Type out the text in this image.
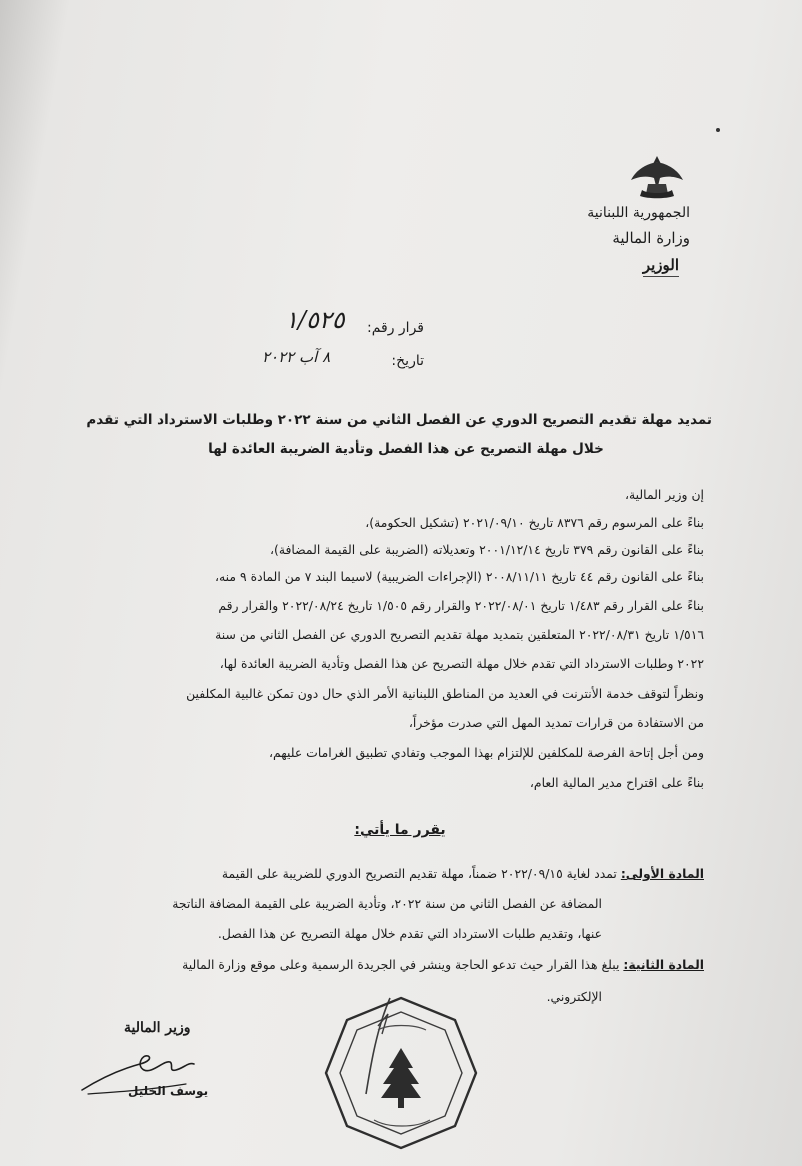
الجمهورية اللبنانية
وزارة المالية
الوزير
قرار رقم:
١/٥٢٥
تاريخ:
٨ آب ٢٠٢٢
تمديد مهلة تقديم التصريح الدوري عن الفصل الثاني من سنة ٢٠٢٢ وطلبات الاسترداد التي تقدم
خلال مهلة التصريح عن هذا الفصل وتأدية الضريبة العائدة لها
إن وزير المالية،
بناءً على المرسوم رقم ٨٣٧٦ تاريخ ٢٠٢١/٠٩/١٠ (تشكيل الحكومة)،
بناءً على القانون رقم ٣٧٩ تاريخ ٢٠٠١/١٢/١٤ وتعديلاته (الضريبة على القيمة المضافة)،
بناءً على القانون رقم ٤٤ تاريخ ٢٠٠٨/١١/١١ (الإجراءات الضريبية) لاسيما البند ٧ من المادة ٩ منه،
بناءً على القرار رقم ١/٤٨٣ تاريخ ٢٠٢٢/٠٨/٠١ والقرار رقم ١/٥٠٥ تاريخ ٢٠٢٢/٠٨/٢٤ والقرار رقم
١/٥١٦ تاريخ ٢٠٢٢/٠٨/٣١ المتعلقين بتمديد مهلة تقديم التصريح الدوري عن الفصل الثاني من سنة
٢٠٢٢ وطلبات الاسترداد التي تقدم خلال مهلة التصريح عن هذا الفصل وتأدية الضريبة العائدة لها،
ونظراً لتوقف خدمة الأنترنت في العديد من المناطق اللبنانية الأمر الذي حال دون تمكن غالبية المكلفين
من الاستفادة من قرارات تمديد المهل التي صدرت مؤخراً،
ومن أجل إتاحة الفرصة للمكلفين للإلتزام بهذا الموجب وتفادي تطبيق الغرامات عليهم،
بناءً على اقتراح مدير المالية العام،
يقرر ما يأتي:
المادة الأولى: تمدد لغاية ٢٠٢٢/٠٩/١٥ ضمناً، مهلة تقديم التصريح الدوري للضريبة على القيمة
المضافة عن الفصل الثاني من سنة ٢٠٢٢، وتأدية الضريبة على القيمة المضافة الناتجة
عنها، وتقديم طلبات الاسترداد التي تقدم خلال مهلة التصريح عن هذا الفصل.
المادة الثانية: يبلغ هذا القرار حيث تدعو الحاجة وينشر في الجريدة الرسمية وعلى موقع وزارة المالية
الإلكتروني.
وزير المالية
يوسف الخليل
